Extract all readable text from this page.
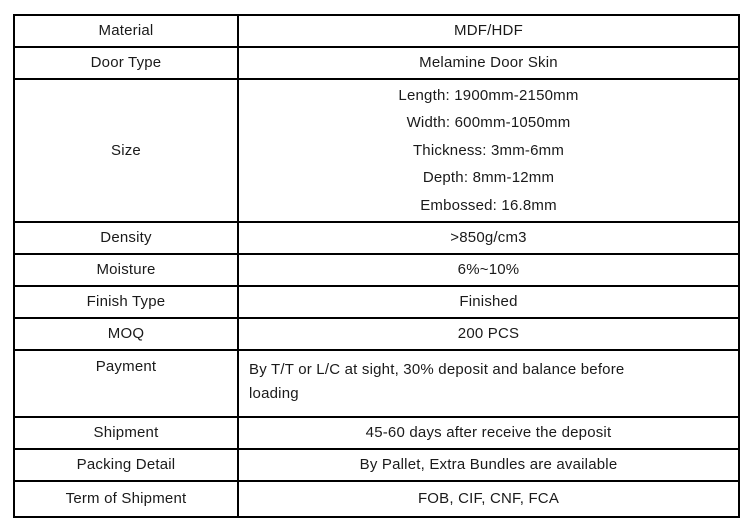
Material	MDF/HDF
Door Type	Melamine Door Skin
Size	Length: 1900mm-2150mm
Width: 600mm-1050mm
Thickness: 3mm-6mm
Depth: 8mm-12mm
Embossed: 16.8mm

Density	>850g/cm3
Moisture	6%~10%
Finish Type	Finished
MOQ	200 PCS
Payment	By T/T or L/C at sight, 30% deposit and balance before
loading

Shipment	45-60 days after receive the deposit
Packing Detail	By Pallet, Extra Bundles are available
Term of Shipment	FOB, CIF, CNF, FCA
